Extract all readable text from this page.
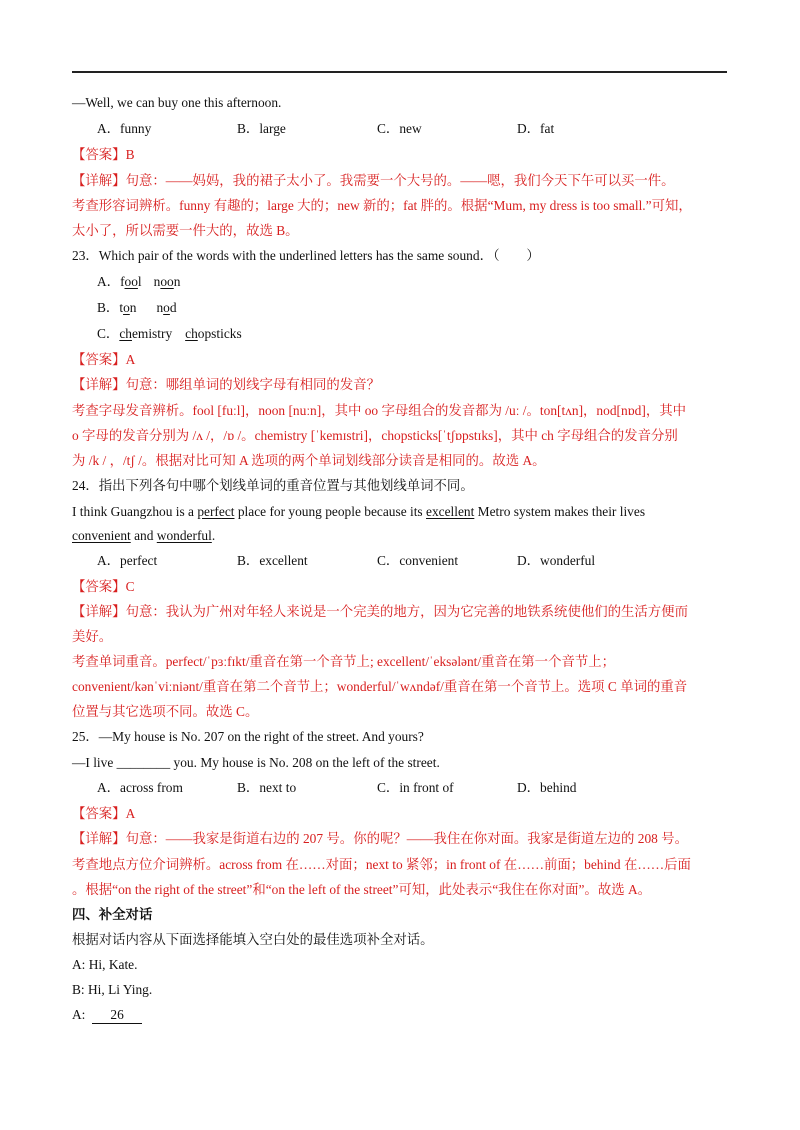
—Well, we can buy one this afternoon.
A．funny	B．large	C．new	D．fat
【答案】B
【详解】句意：——妈妈，我的裙子太小了。我需要一个大号的。——嗯，我们今天下午可以买一件。
考查形容词辨析。funny 有趣的；large 大的；new 新的；fat 胖的。根据“Mum, my dress is too small.”可知，
太小了，所以需要一件大的，故选 B。
23．Which pair of the words with the underlined letters has the same sound．（　　）
A．fool noon
B．ton nod
C．chemistry chopsticks
【答案】A
【详解】句意：哪组单词的划线字母有相同的发音？
考查字母发音辨析。fool [fuːl]，noon [nuːn]，其中 oo 字母组合的发音都为 /uː /。ton[tʌn]，nod[nɒd]，其中
o 字母的发音分别为 /ʌ /，/ɒ /。chemistry [ˈkemɪstri]，chopsticks[ˈtʃɒpstɪks]，其中 ch 字母组合的发音分别
为 /k / ，/tʃ /。根据对比可知 A 选项的两个单词划线部分读音是相同的。故选 A。
24．指出下列各句中哪个划线单词的重音位置与其他划线单词不同。
I think Guangzhou is a perfect place for young people because its excellent Metro system makes their lives
convenient and wonderful.
A．perfect	B．excellent	C．convenient	D．wonderful
【答案】C
【详解】句意：我认为广州对年轻人来说是一个完美的地方，因为它完善的地铁系统使他们的生活方便而
美好。
考查单词重音。perfect/ˈpɜːfɪkt/重音在第一个音节上; excellent/ˈeksələnt/重音在第一个音节上；
convenient/kənˈviːniənt/重音在第二个音节上；wonderful/ˈwʌndəf/重音在第一个音节上。选项 C 单词的重音
位置与其它选项不同。故选 C。
25．—My house is No. 207 on the right of the street. And yours?
—I live ________ you. My house is No. 208 on the left of the street.
A．across from	B．next to	C．in front of	D．behind
【答案】A
【详解】句意：——我家是街道右边的 207 号。你的呢？——我住在你对面。我家是街道左边的 208 号。
考查地点方位介词辨析。across from 在……对面；next to 紧邻；in front of 在……前面；behind 在……后面
。根据“on the right of the street”和“on the left of the street”可知，此处表示“我住在你对面”。故选 A。
四、补全对话
根据对话内容从下面选择能填入空白处的最佳选项补全对话。
A: Hi, Kate.
B: Hi, Li Ying.
A:  26
